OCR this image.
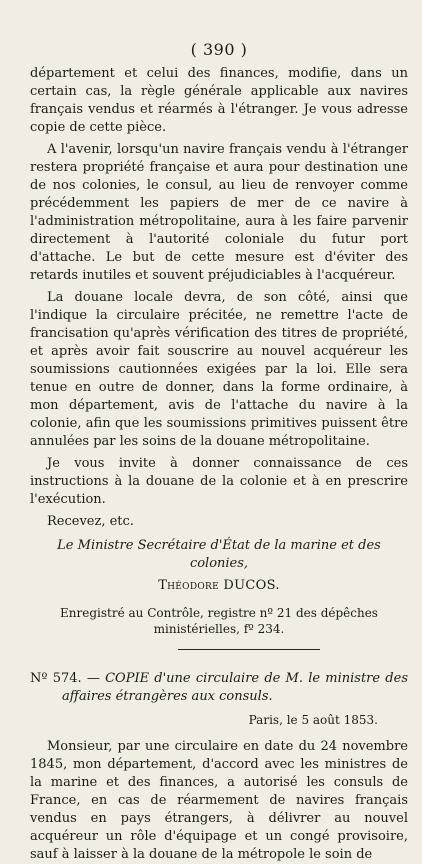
( 390 )

département et celui des finances, modifie, dans un certain cas, la règle générale applicable aux navires français vendus et réarmés à l'étranger. Je vous adresse copie de cette pièce.

A l'avenir, lorsqu'un navire français vendu à l'étranger restera propriété française et aura pour destination une de nos colonies, le consul, au lieu de renvoyer comme précédemment les papiers de mer de ce navire à l'administration métropolitaine, aura à les faire parvenir directement à l'autorité coloniale du futur port d'attache. Le but de cette mesure est d'éviter des retards inutiles et souvent préjudiciables à l'acquéreur.

La douane locale devra, de son côté, ainsi que l'indique la circulaire précitée, ne remettre l'acte de francisation qu'après vérification des titres de propriété, et après avoir fait souscrire au nouvel acquéreur les soumissions cautionnées exigées par la loi. Elle sera tenue en outre de donner, dans la forme ordinaire, à mon département, avis de l'attache du navire à la colonie, afin que les soumissions primitives puissent être annulées par les soins de la douane métropolitaine.

Je vous invite à donner connaissance de ces instructions à la douane de la colonie et à en prescrire l'exécution.

Recevez, etc.

Le Ministre Secrétaire d'État de la marine et des colonies,

Théodore DUCOS.

Enregistré au Contrôle, registre nº 21 des dépêches ministérielles, fº 234.

Nº 574. — COPIE d'une circulaire de M. le ministre des affaires étrangères aux consuls.

Paris, le 5 août 1853.

Monsieur, par une circulaire en date du 24 novembre 1845, mon département, d'accord avec les ministres de la marine et des finances, a autorisé les consuls de France, en cas de réarmement de navires français vendus en pays étrangers, à délivrer au nouvel acquéreur un rôle d'équipage et un congé provisoire, sauf à laisser à la douane de la métropole le soin de
